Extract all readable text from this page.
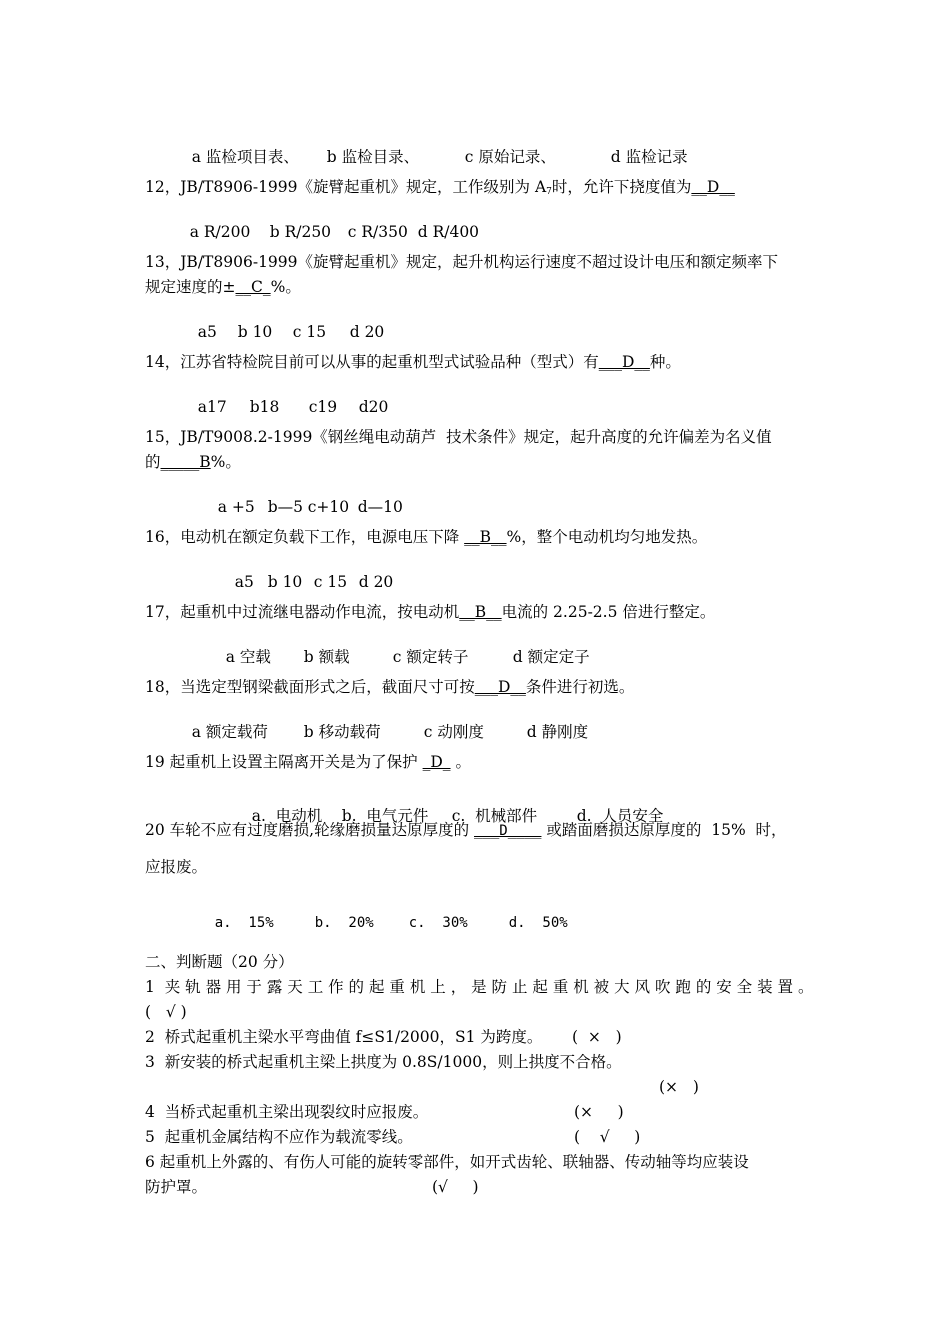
a 监检项目表、 b 监检目录、	c 原始记录、	d 监检记录

12，JB/T8906-1999《旋臂起重机》规定，工作级别为 $A_7$时，允许下挠度值为__D__

a R/200 b R/250 c R/350 d R/400

13，JB/T8906-1999《旋臂起重机》规定，起升机构运行速度不超过设计电压和额定频率下
规定速度的±__C_%。

a5 b 10 c 15 d 20

14，江苏省特检院目前可以从事的起重机型式试验品种（型式）有___D__种。

a17 b18 c19 d20

15，JB/T9008.2-1999《钢丝绳电动葫芦  技术条件》规定，起升高度的允许偏差为名义值
的_____B%。

a +5 b—5 c+10 d—10

16，电动机在额定负载下工作，电源电压下降 __B__%，整个电动机均匀地发热。

a5 b 10 c 15 d 20

17，起重机中过流继电器动作电流，按电动机__B__电流的 2.25-2.5 倍进行整定。

a 空载 b 额载	c 额定转子	d 额定定子

18，当选定型钢梁截面形式之后，截面尺寸可按___D__条件进行初选。

a 额定载荷 b 移动载荷	c 动刚度	d 静刚度

19 起重机上设置主隔离开关是为了保护 _D_ 。

a.  电动机 b.  电气元件 c.  机械部件	d.  人员安全

20 车轮不应有过度磨损,轮缘磨损量达原厚度的 ___D____ 或踏面磨损达原厚度的  15%  时，
应报废。

a.  15%	b.  20% c.  30%	d.  50%

二、判断题（20 分）
1  夹 轨 器 用 于 露 天 工 作 的 起 重 机 上 ， 是 防 止 起 重 机 被 大 风 吹 跑 的 安 全 装 置 。
(   √ )
2  桥式起重机主梁水平弯曲值 f≤S1/2000，S1 为跨度。      (  ×   )
3  新安装的桥式起重机主梁上拱度为 0.8S/1000，则上拱度不合格。
(×   )
4  当桥式起重机主梁出现裂纹时应报废。	(×     )
5  起重机金属结构不应作为载流零线。	(    √     )
6 起重机上外露的、有伤人可能的旋转零部件，如开式齿轮、联轴器、传动轴等均应装设
防护罩。	(√     )
